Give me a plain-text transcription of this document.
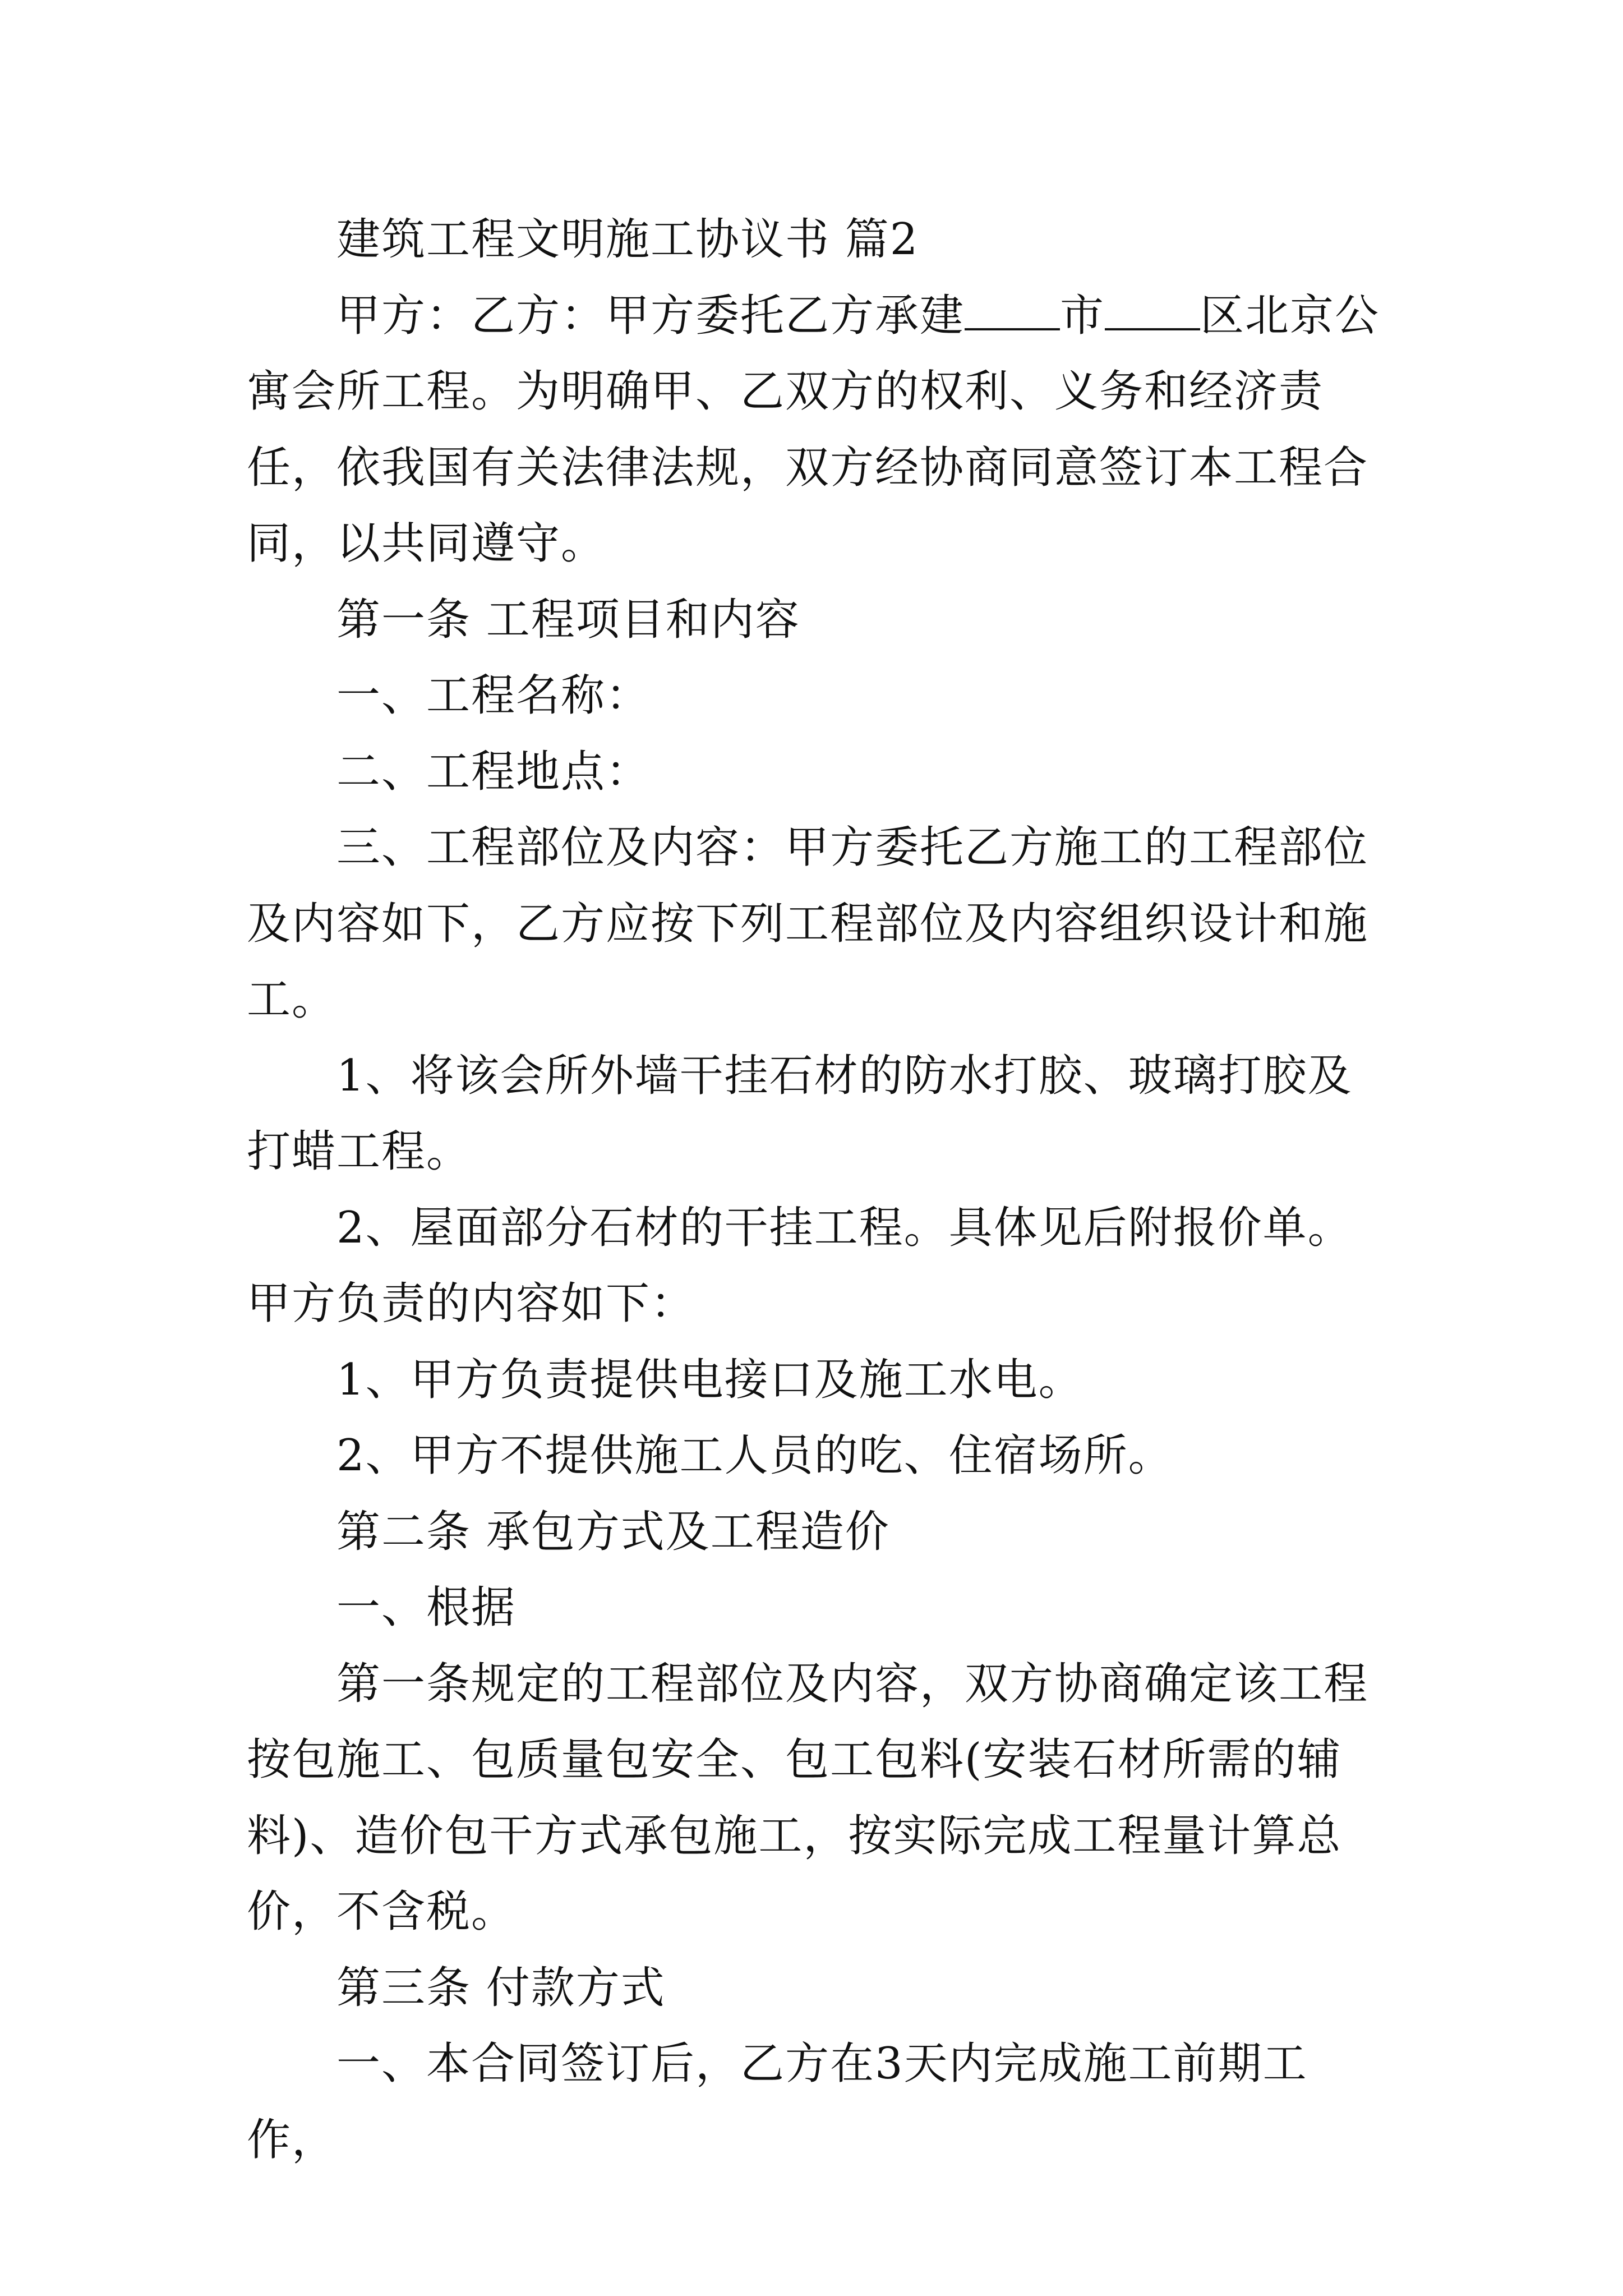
建筑工程文明施工协议书 篇2

甲方：乙方：甲方委托乙方承建 市 区北京公寓会所工程。为明确甲、乙双方的权利、义务和经济责任，依我国有关法律法规，双方经协商同意签订本工程合同，以共同遵守。

第一条 工程项目和内容

一、工程名称：

二、工程地点：

三、工程部位及内容：甲方委托乙方施工的工程部位及内容如下，乙方应按下列工程部位及内容组织设计和施工。

1、将该会所外墙干挂石材的防水打胶、玻璃打胶及打蜡工程。

2、屋面部分石材的干挂工程。具体见后附报价单。甲方负责的内容如下：

1、甲方负责提供电接口及施工水电。

2、甲方不提供施工人员的吃、住宿场所。

第二条 承包方式及工程造价

一、根据

第一条规定的工程部位及内容，双方协商确定该工程按包施工、包质量包安全、包工包料(安装石材所需的辅料)、造价包干方式承包施工，按实际完成工程量计算总价，不含税。

第三条 付款方式

一、本合同签订后，乙方在3天内完成施工前期工作，
